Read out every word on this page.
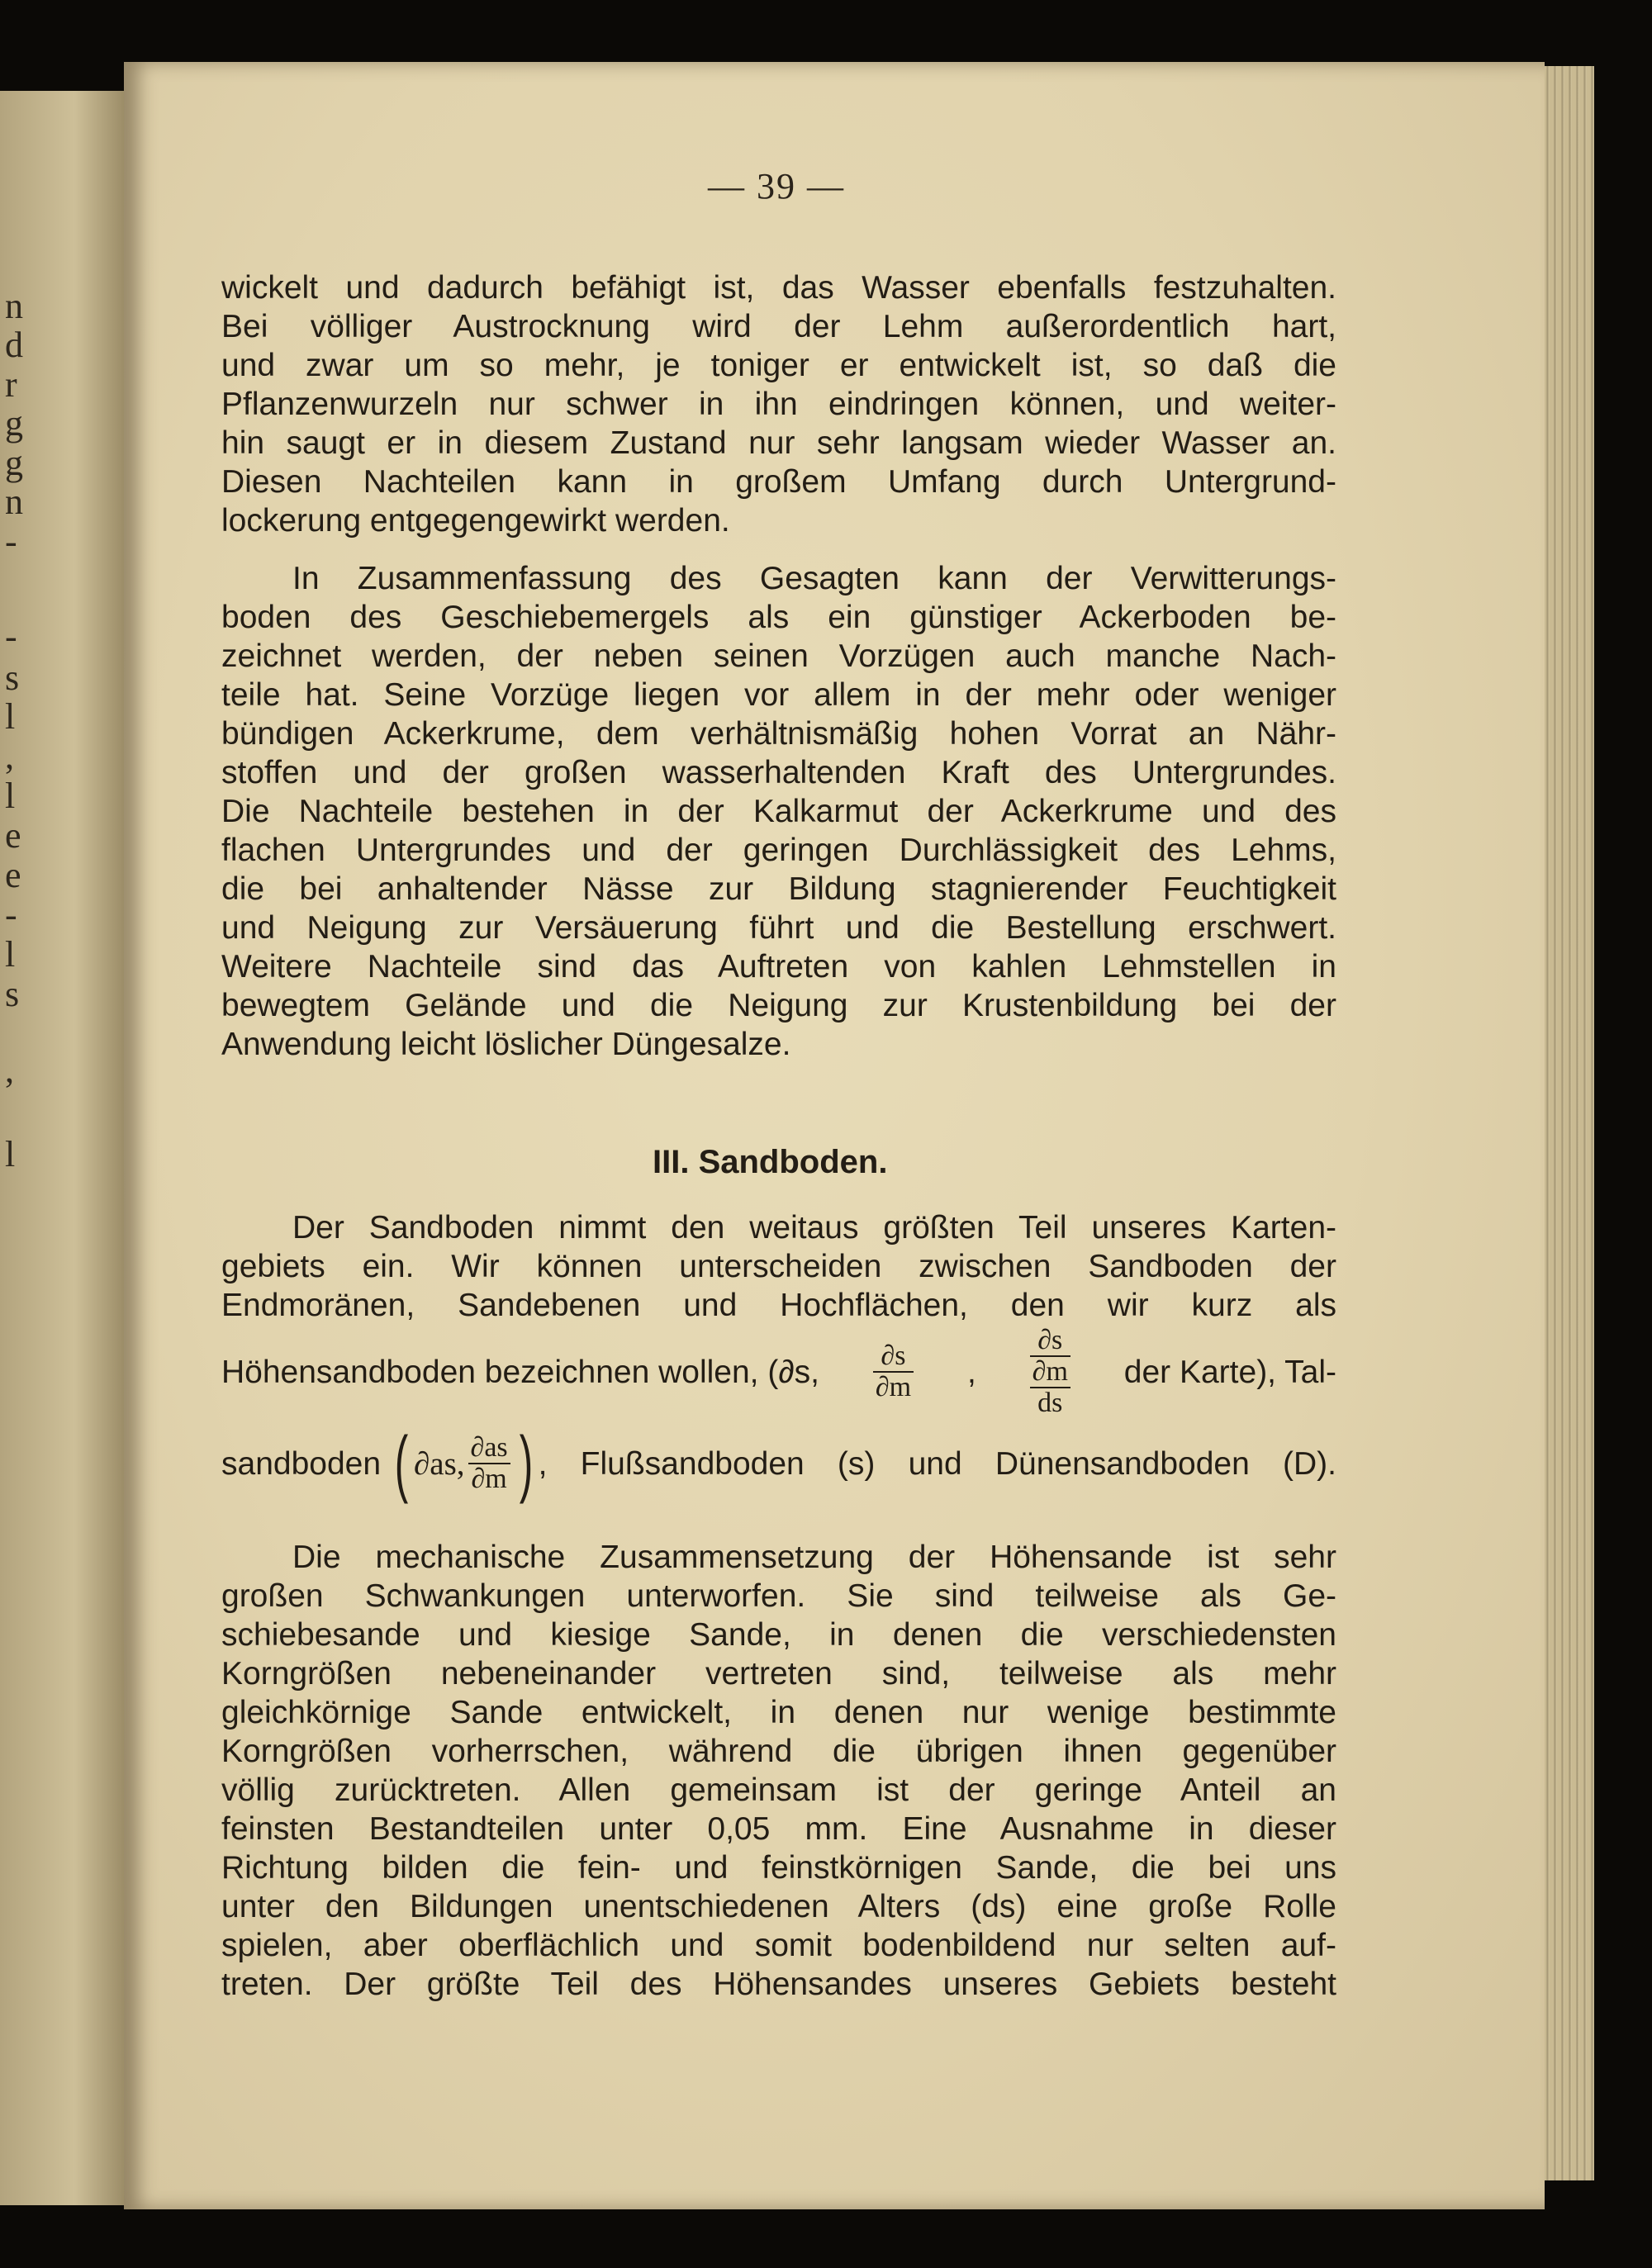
n
d
r
g
g
n
-
-
s
l
,
l
e
e
-
l
s
,
l
— 39 —
wickelt und dadurch befähigt ist, das Wasser ebenfalls festzuhalten.
Bei völliger Austrocknung wird der Lehm außerordentlich hart,
und zwar um so mehr, je toniger er entwickelt ist, so daß die
Pflanzenwurzeln nur schwer in ihn eindringen können, und weiter-
hin saugt er in diesem Zustand nur sehr langsam wieder Wasser an.
Diesen Nachteilen kann in großem Umfang durch Untergrund-
lockerung entgegengewirkt werden.
In Zusammenfassung des Gesagten kann der Verwitterungs-
boden des Geschiebemergels als ein günstiger Ackerboden be-
zeichnet werden, der neben seinen Vorzügen auch manche Nach-
teile hat. Seine Vorzüge liegen vor allem in der mehr oder weniger
bündigen Ackerkrume, dem verhältnismäßig hohen Vorrat an Nähr-
stoffen und der großen wasserhaltenden Kraft des Untergrundes.
Die Nachteile bestehen in der Kalkarmut der Ackerkrume und des
flachen Untergrundes und der geringen Durchlässigkeit des Lehms,
die bei anhaltender Nässe zur Bildung stagnierender Feuchtigkeit
und Neigung zur Versäuerung führt und die Bestellung erschwert.
Weitere Nachteile sind das Auftreten von kahlen Lehmstellen in
bewegtem Gelände und die Neigung zur Krustenbildung bei der
Anwendung leicht löslicher Düngesalze.
III. Sandboden.
Der Sandboden nimmt den weitaus größten Teil unseres Karten-
gebiets ein. Wir können unterscheiden zwischen Sandboden der
Endmoränen, Sandebenen und Hochflächen, den wir kurz als
Höhensandboden bezeichnen wollen, (∂s, $\frac{\partial s}{\partial m}$ ,
∂s
∂m
ds
der Karte), Tal-
sandboden ( ∂as, $\frac{\partial as}{\partial m}$ ) , Flußsandboden (s) und Dünensandboden (D).
Die mechanische Zusammensetzung der Höhensande ist sehr
großen Schwankungen unterworfen. Sie sind teilweise als Ge-
schiebesande und kiesige Sande, in denen die verschiedensten
Korngrößen nebeneinander vertreten sind, teilweise als mehr
gleichkörnige Sande entwickelt, in denen nur wenige bestimmte
Korngrößen vorherrschen, während die übrigen ihnen gegenüber
völlig zurücktreten. Allen gemeinsam ist der geringe Anteil an
feinsten Bestandteilen unter 0,05 mm. Eine Ausnahme in dieser
Richtung bilden die fein- und feinstkörnigen Sande, die bei uns
unter den Bildungen unentschiedenen Alters (ds) eine große Rolle
spielen, aber oberflächlich und somit bodenbildend nur selten auf-
treten. Der größte Teil des Höhensandes unseres Gebiets besteht
